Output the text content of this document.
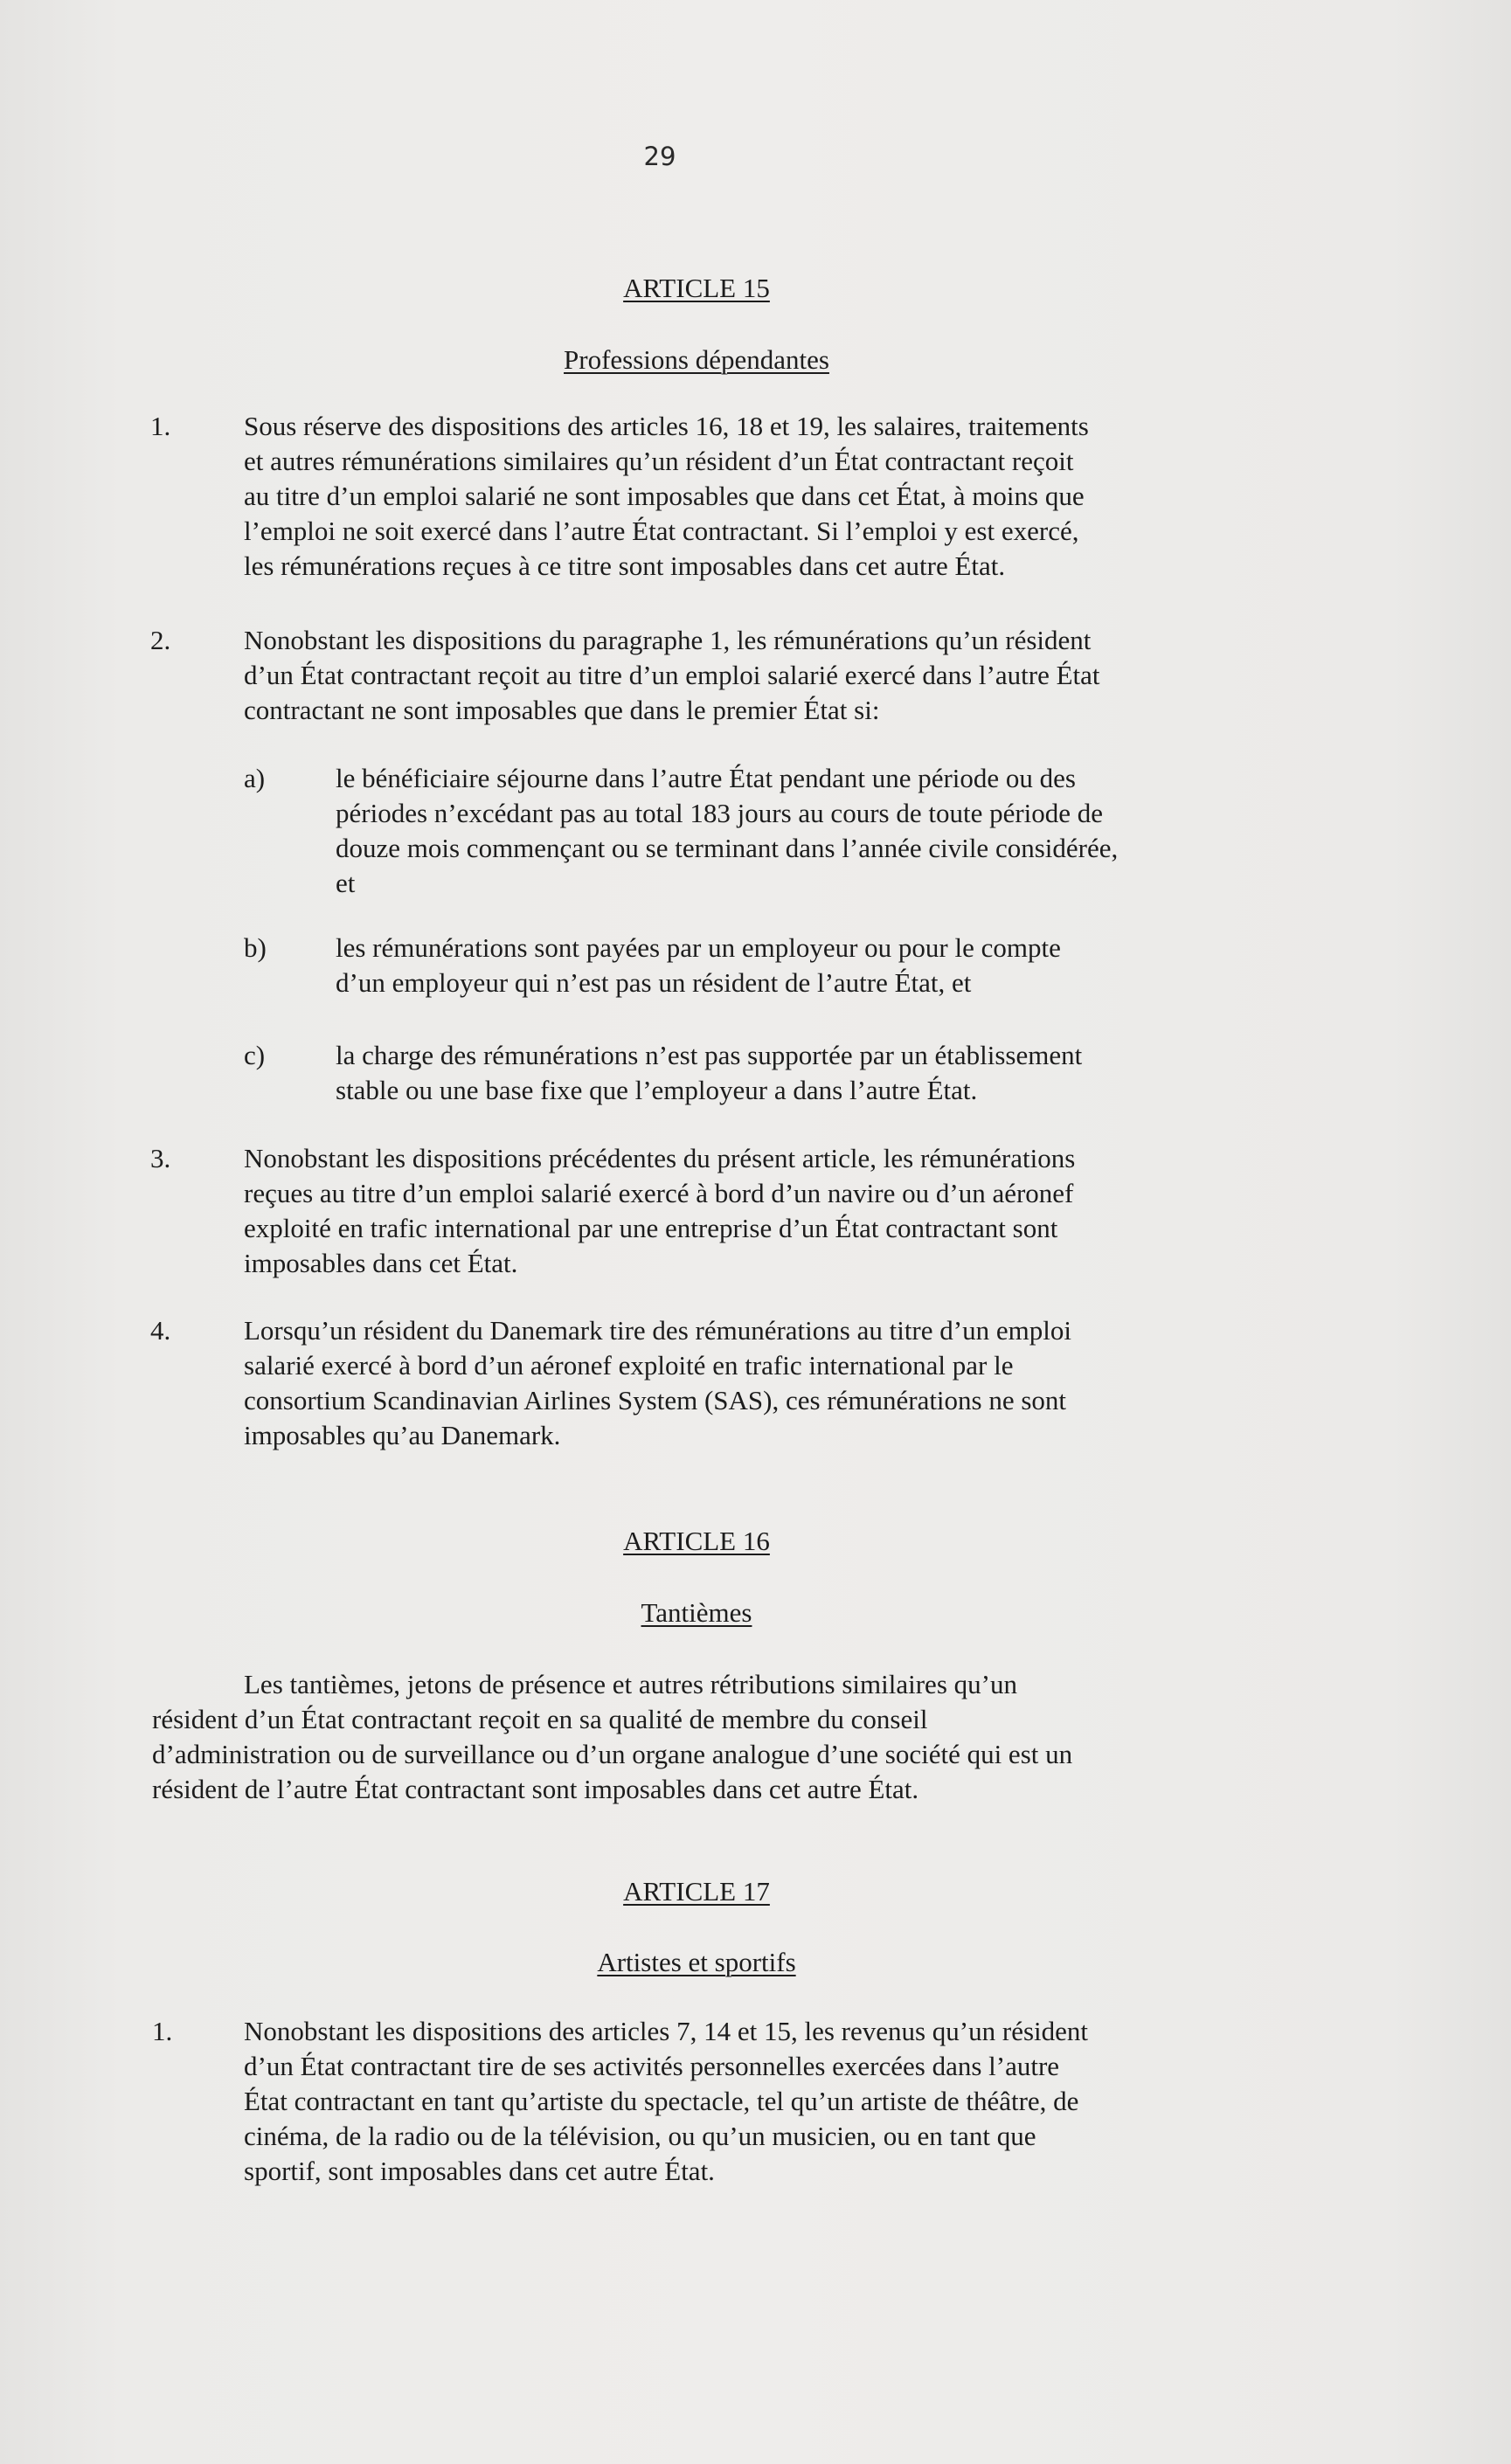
29
ARTICLE 15
Professions dépendantes
1.	Sous réserve des dispositions des articles 16, 18 et 19, les salaires, traitements
et autres rémunérations similaires qu’un résident d’un État contractant reçoit
au titre d’un emploi salarié ne sont imposables que dans cet État, à moins que
l’emploi ne soit exercé dans l’autre État contractant. Si l’emploi y est exercé,
les rémunérations reçues à ce titre sont imposables dans cet autre État.
2.	Nonobstant les dispositions du paragraphe 1, les rémunérations qu’un résident
d’un État contractant reçoit au titre d’un emploi salarié exercé dans l’autre État
contractant ne sont imposables que dans le premier État si:
a)	le bénéficiaire séjourne dans l’autre État pendant une période ou des
périodes n’excédant pas au total 183 jours au cours de toute période de
douze mois commençant ou se terminant dans l’année civile considérée,
et
b)	les rémunérations sont payées par un employeur ou pour le compte
d’un employeur qui n’est pas un résident de l’autre État, et
c)	la charge des rémunérations n’est pas supportée par un établissement
stable ou une base fixe que l’employeur a dans l’autre État.
3.	Nonobstant les dispositions précédentes du présent article, les rémunérations
reçues au titre d’un emploi salarié exercé à bord d’un navire ou d’un aéronef
exploité en trafic international par une entreprise d’un État contractant sont
imposables dans cet État.
4.	Lorsqu’un résident du Danemark tire des rémunérations au titre d’un emploi
salarié exercé à bord d’un aéronef exploité en trafic international par le
consortium Scandinavian Airlines System (SAS), ces rémunérations ne sont
imposables qu’au Danemark.
ARTICLE 16
Tantièmes
Les tantièmes, jetons de présence et autres rétributions similaires qu’un
résident d’un État contractant reçoit en sa qualité de membre du conseil
d’administration ou de surveillance ou d’un organe analogue d’une société qui est un
résident de l’autre État contractant sont imposables dans cet autre État.
ARTICLE 17
Artistes et sportifs
1.	Nonobstant les dispositions des articles 7, 14 et 15, les revenus qu’un résident
d’un État contractant tire de ses activités personnelles exercées dans l’autre
État contractant en tant qu’artiste du spectacle, tel qu’un artiste de théâtre, de
cinéma, de la radio ou de la télévision, ou qu’un musicien, ou en tant que
sportif, sont imposables dans cet autre État.
